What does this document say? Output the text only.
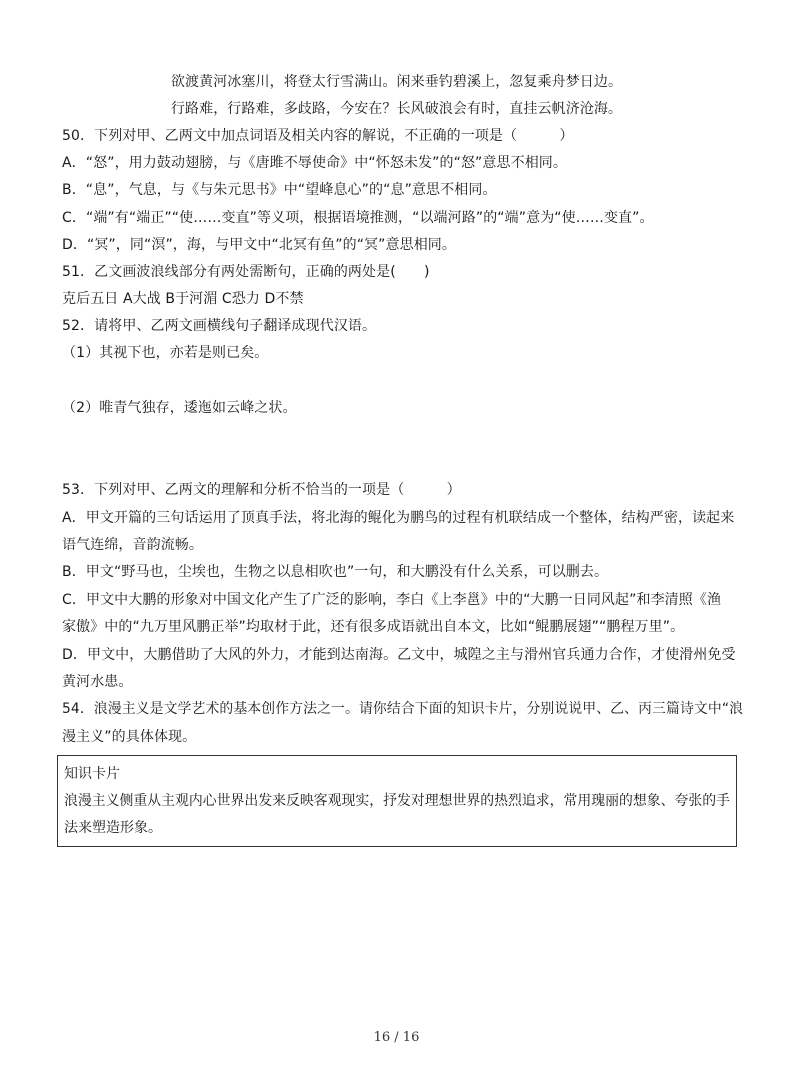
欲渡黄河冰塞川，将登太行雪满山。闲来垂钓碧溪上，忽复乘舟梦日边。
行路难，行路难，多歧路，今安在？长风破浪会有时，直挂云帆济沧海。
50．下列对甲、乙两文中加点词语及相关内容的解说，不正确的一项是（　　　）
A．“怒”，用力鼓动翅膀，与《唐雎不辱使命》中“怀怒未发”的“怒”意思不相同。
B．“息”，气息，与《与朱元思书》中“望峰息心”的“息”意思不相同。
C．“端”有“端正”“使……变直”等义项，根据语境推测，“以端河路”的“端”意为“使……变直”。
D．“冥”，同“溟”，海，与甲文中“北冥有鱼”的“冥”意思相同。
51．乙文画波浪线部分有两处需断句，正确的两处是(　　)
克后五日 A大战 B于河湄 C恐力 D不禁
52．请将甲、乙两文画横线句子翻译成现代汉语。
（1）其视下也，亦若是则已矣。
（2）唯青气独存，逶迤如云峰之状。
53．下列对甲、乙两文的理解和分析不恰当的一项是（　　　）
A．甲文开篇的三句话运用了顶真手法，将北海的鲲化为鹏鸟的过程有机联结成一个整体，结构严密，读起来
语气连绵，音韵流畅。
B．甲文“野马也，尘埃也，生物之以息相吹也”一句，和大鹏没有什么关系，可以删去。
C．甲文中大鹏的形象对中国文化产生了广泛的影响，李白《上李邕》中的“大鹏一日同风起”和李清照《渔
家傲》中的“九万里风鹏正举”均取材于此，还有很多成语就出自本文，比如“鲲鹏展翅”“鹏程万里”。
D．甲文中，大鹏借助了大风的外力，才能到达南海。乙文中，城隍之主与滑州官兵通力合作，才使滑州免受
黄河水患。
54．浪漫主义是文学艺术的基本创作方法之一。请你结合下面的知识卡片，分别说说甲、乙、丙三篇诗文中“浪
漫主义”的具体体现。
知识卡片
浪漫主义侧重从主观内心世界出发来反映客观现实，抒发对理想世界的热烈追求，常用瑰丽的想象、夸张的手
法来塑造形象。
16 / 16
